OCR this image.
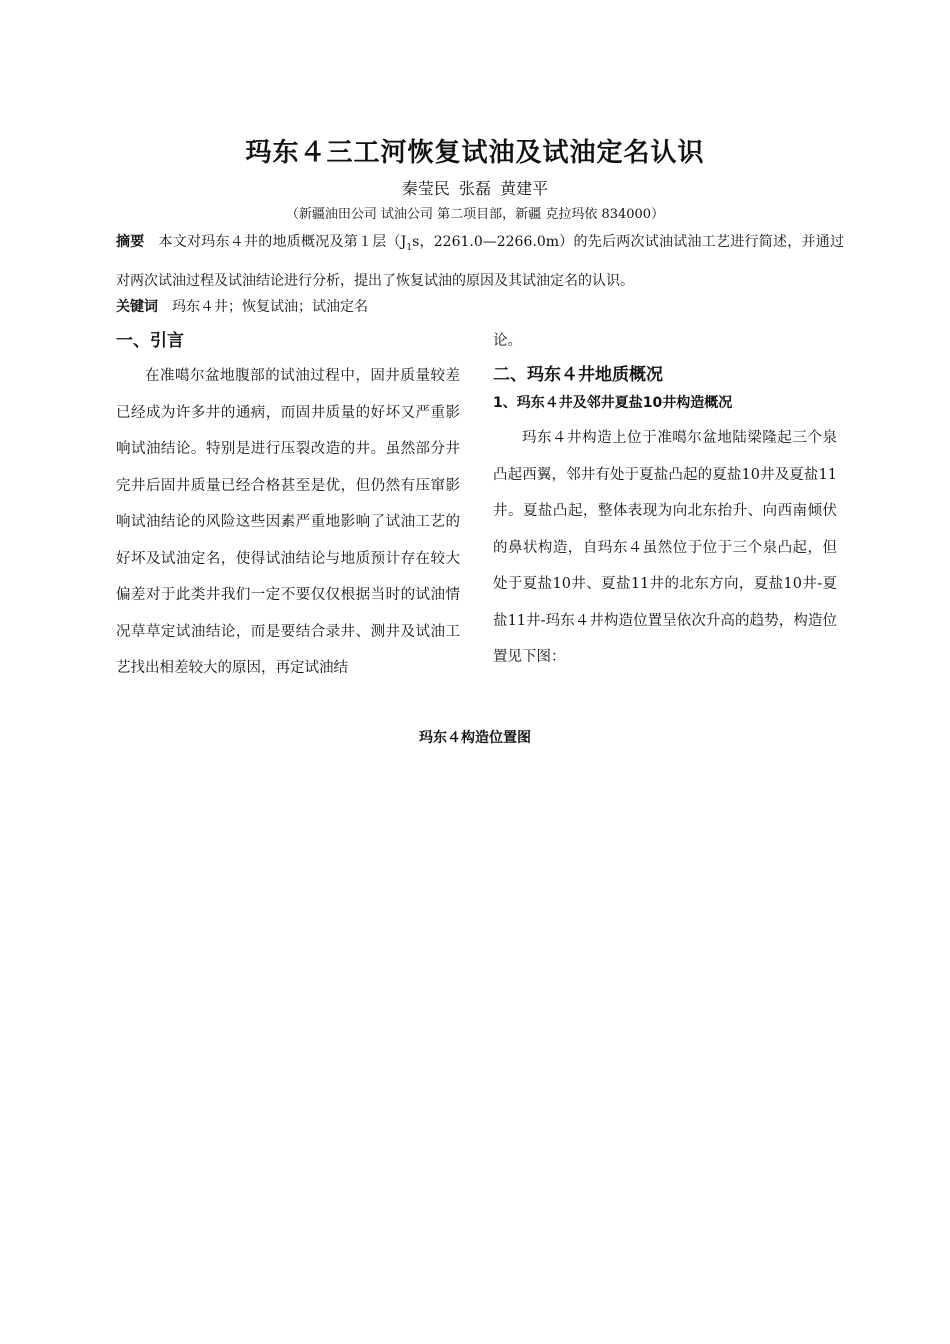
玛东４三工河恢复试油及试油定名认识
秦莹民 张磊 黄建平
（新疆油田公司 试油公司 第二项目部，新疆 克拉玛依 834000）
摘要 本文对玛东４井的地质概况及第１层（$J_1s$，2261.0—2266.0m）的先后两次试油试油工艺进行简述，并通过对两次试油过程及试油结论进行分析，提出了恢复试油的原因及其试油定名的认识。
关键词 玛东４井；恢复试油；试油定名
一、引言

在准噶尔盆地腹部的试油过程中，固井质量较差已经成为许多井的通病，而固井质量的好坏又严重影响试油结论。特别是进行压裂改造的井。虽然部分井完井后固井质量已经合格甚至是优，但仍然有压窜影响试油结论的风险这些因素严重地影响了试油工艺的好坏及试油定名，使得试油结论与地质预计存在较大偏差对于此类井我们一定不要仅仅根据当时的试油情况草草定试油结论，而是要结合录井、测井及试油工艺找出相差较大的原因，再定试油结

论。

二、玛东４井地质概况
1、玛东４井及邻井夏盐10井构造概况

玛东４井构造上位于准噶尔盆地陆梁隆起三个泉凸起西翼，邻井有处于夏盐凸起的夏盐10井及夏盐11井。夏盐凸起，整体表现为向北东抬升、向西南倾伏的鼻状构造，自玛东４虽然位于位于三个泉凸起，但处于夏盐10井、夏盐11井的北东方向，夏盐10井-夏盐11井-玛东４井构造位置呈依次升高的趋势，构造位置见下图：

玛东４构造位置图
